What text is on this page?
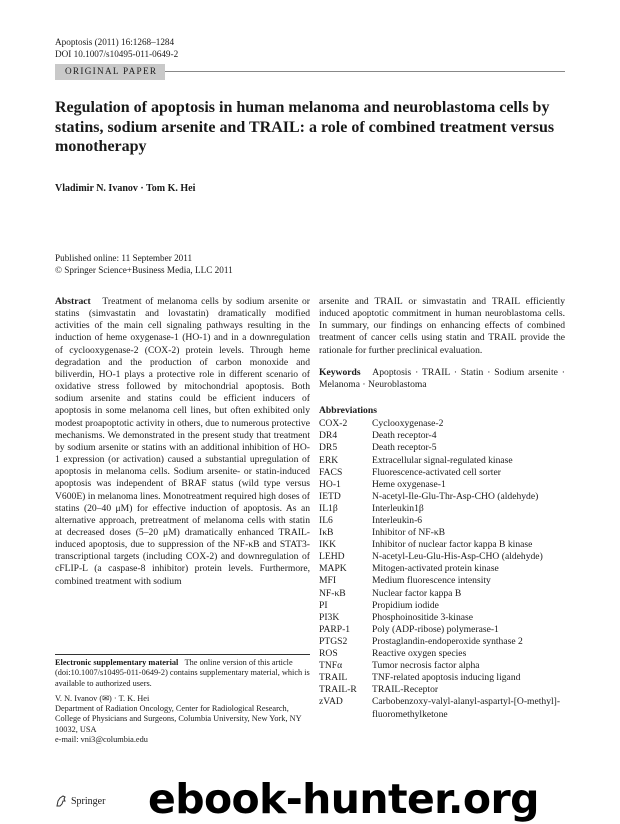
Apoptosis (2011) 16:1268–1284
DOI 10.1007/s10495-011-0649-2
ORIGINAL PAPER
Regulation of apoptosis in human melanoma and neuroblastoma cells by statins, sodium arsenite and TRAIL: a role of combined treatment versus monotherapy
Vladimir N. Ivanov · Tom K. Hei
Published online: 11 September 2011
© Springer Science+Business Media, LLC 2011

Abstract Treatment of melanoma cells by sodium arsenite or statins (simvastatin and lovastatin) dramatically modified activities of the main cell signaling pathways resulting in the induction of heme oxygenase-1 (HO-1) and in a downregulation of cyclooxygenase-2 (COX-2) protein levels. Through heme degradation and the production of carbon monoxide and biliverdin, HO-1 plays a protective role in different scenario of oxidative stress followed by mitochondrial apoptosis. Both sodium arsenite and statins could be efficient inducers of apoptosis in some melanoma cell lines, but often exhibited only modest proapoptotic activity in others, due to numerous protective mechanisms. We demonstrated in the present study that treatment by sodium arsenite or statins with an additional inhibition of HO-1 expression (or activation) caused a substantial upregulation of apoptosis in melanoma cells. Sodium arsenite- or statin-induced apoptosis was independent of BRAF status (wild type versus V600E) in melanoma lines. Monotreatment required high doses of statins (20–40 μM) for effective induction of apoptosis. As an alternative approach, pretreatment of melanoma cells with statin at decreased doses (5–20 μM) dramatically enhanced TRAIL-induced apoptosis, due to suppression of the NF-κB and STAT3-transcriptional targets (including COX-2) and downregulation of cFLIP-L (a caspase-8 inhibitor) protein levels. Furthermore, combined treatment with sodium

arsenite and TRAIL or simvastatin and TRAIL efficiently induced apoptotic commitment in human neuroblastoma cells. In summary, our findings on enhancing effects of combined treatment of cancer cells using statin and TRAIL provide the rationale for further preclinical evaluation.

Keywords Apoptosis · TRAIL · Statin · Sodium arsenite · Melanoma · Neuroblastoma

Abbreviations
COX-2	Cyclooxygenase-2
DR4	Death receptor-4
DR5	Death receptor-5
ERK	Extracellular signal-regulated kinase
FACS	Fluorescence-activated cell sorter
HO-1	Heme oxygenase-1
IETD	N-acetyl-Ile-Glu-Thr-Asp-CHO (aldehyde)
IL1β	Interleukin1β
IL6	Interleukin-6
IκB	Inhibitor of NF-κB
IKK	Inhibitor of nuclear factor kappa B kinase
LEHD	N-acetyl-Leu-Glu-His-Asp-CHO (aldehyde)
MAPK	Mitogen-activated protein kinase
MFI	Medium fluorescence intensity
NF-κB	Nuclear factor kappa B
PI	Propidium iodide
PI3K	Phosphoinositide 3-kinase
PARP-1	Poly (ADP-ribose) polymerase-1
PTGS2	Prostaglandin-endoperoxide synthase 2
ROS	Reactive oxygen species
TNFα	Tumor necrosis factor alpha
TRAIL	TNF-related apoptosis inducing ligand
TRAIL-R	TRAIL-Receptor
zVAD	Carbobenzoxy-valyl-alanyl-aspartyl-[O-methyl]-fluoromethylketone
Electronic supplementary material The online version of this article (doi:10.1007/s10495-011-0649-2) contains supplementary material, which is available to authorized users.
V. N. Ivanov (✉) · T. K. Hei
Department of Radiation Oncology, Center for Radiological Research, College of Physicians and Surgeons, Columbia University, New York, NY 10032, USA
e-mail: vni3@columbia.edu
Springer ebook-hunter.org
